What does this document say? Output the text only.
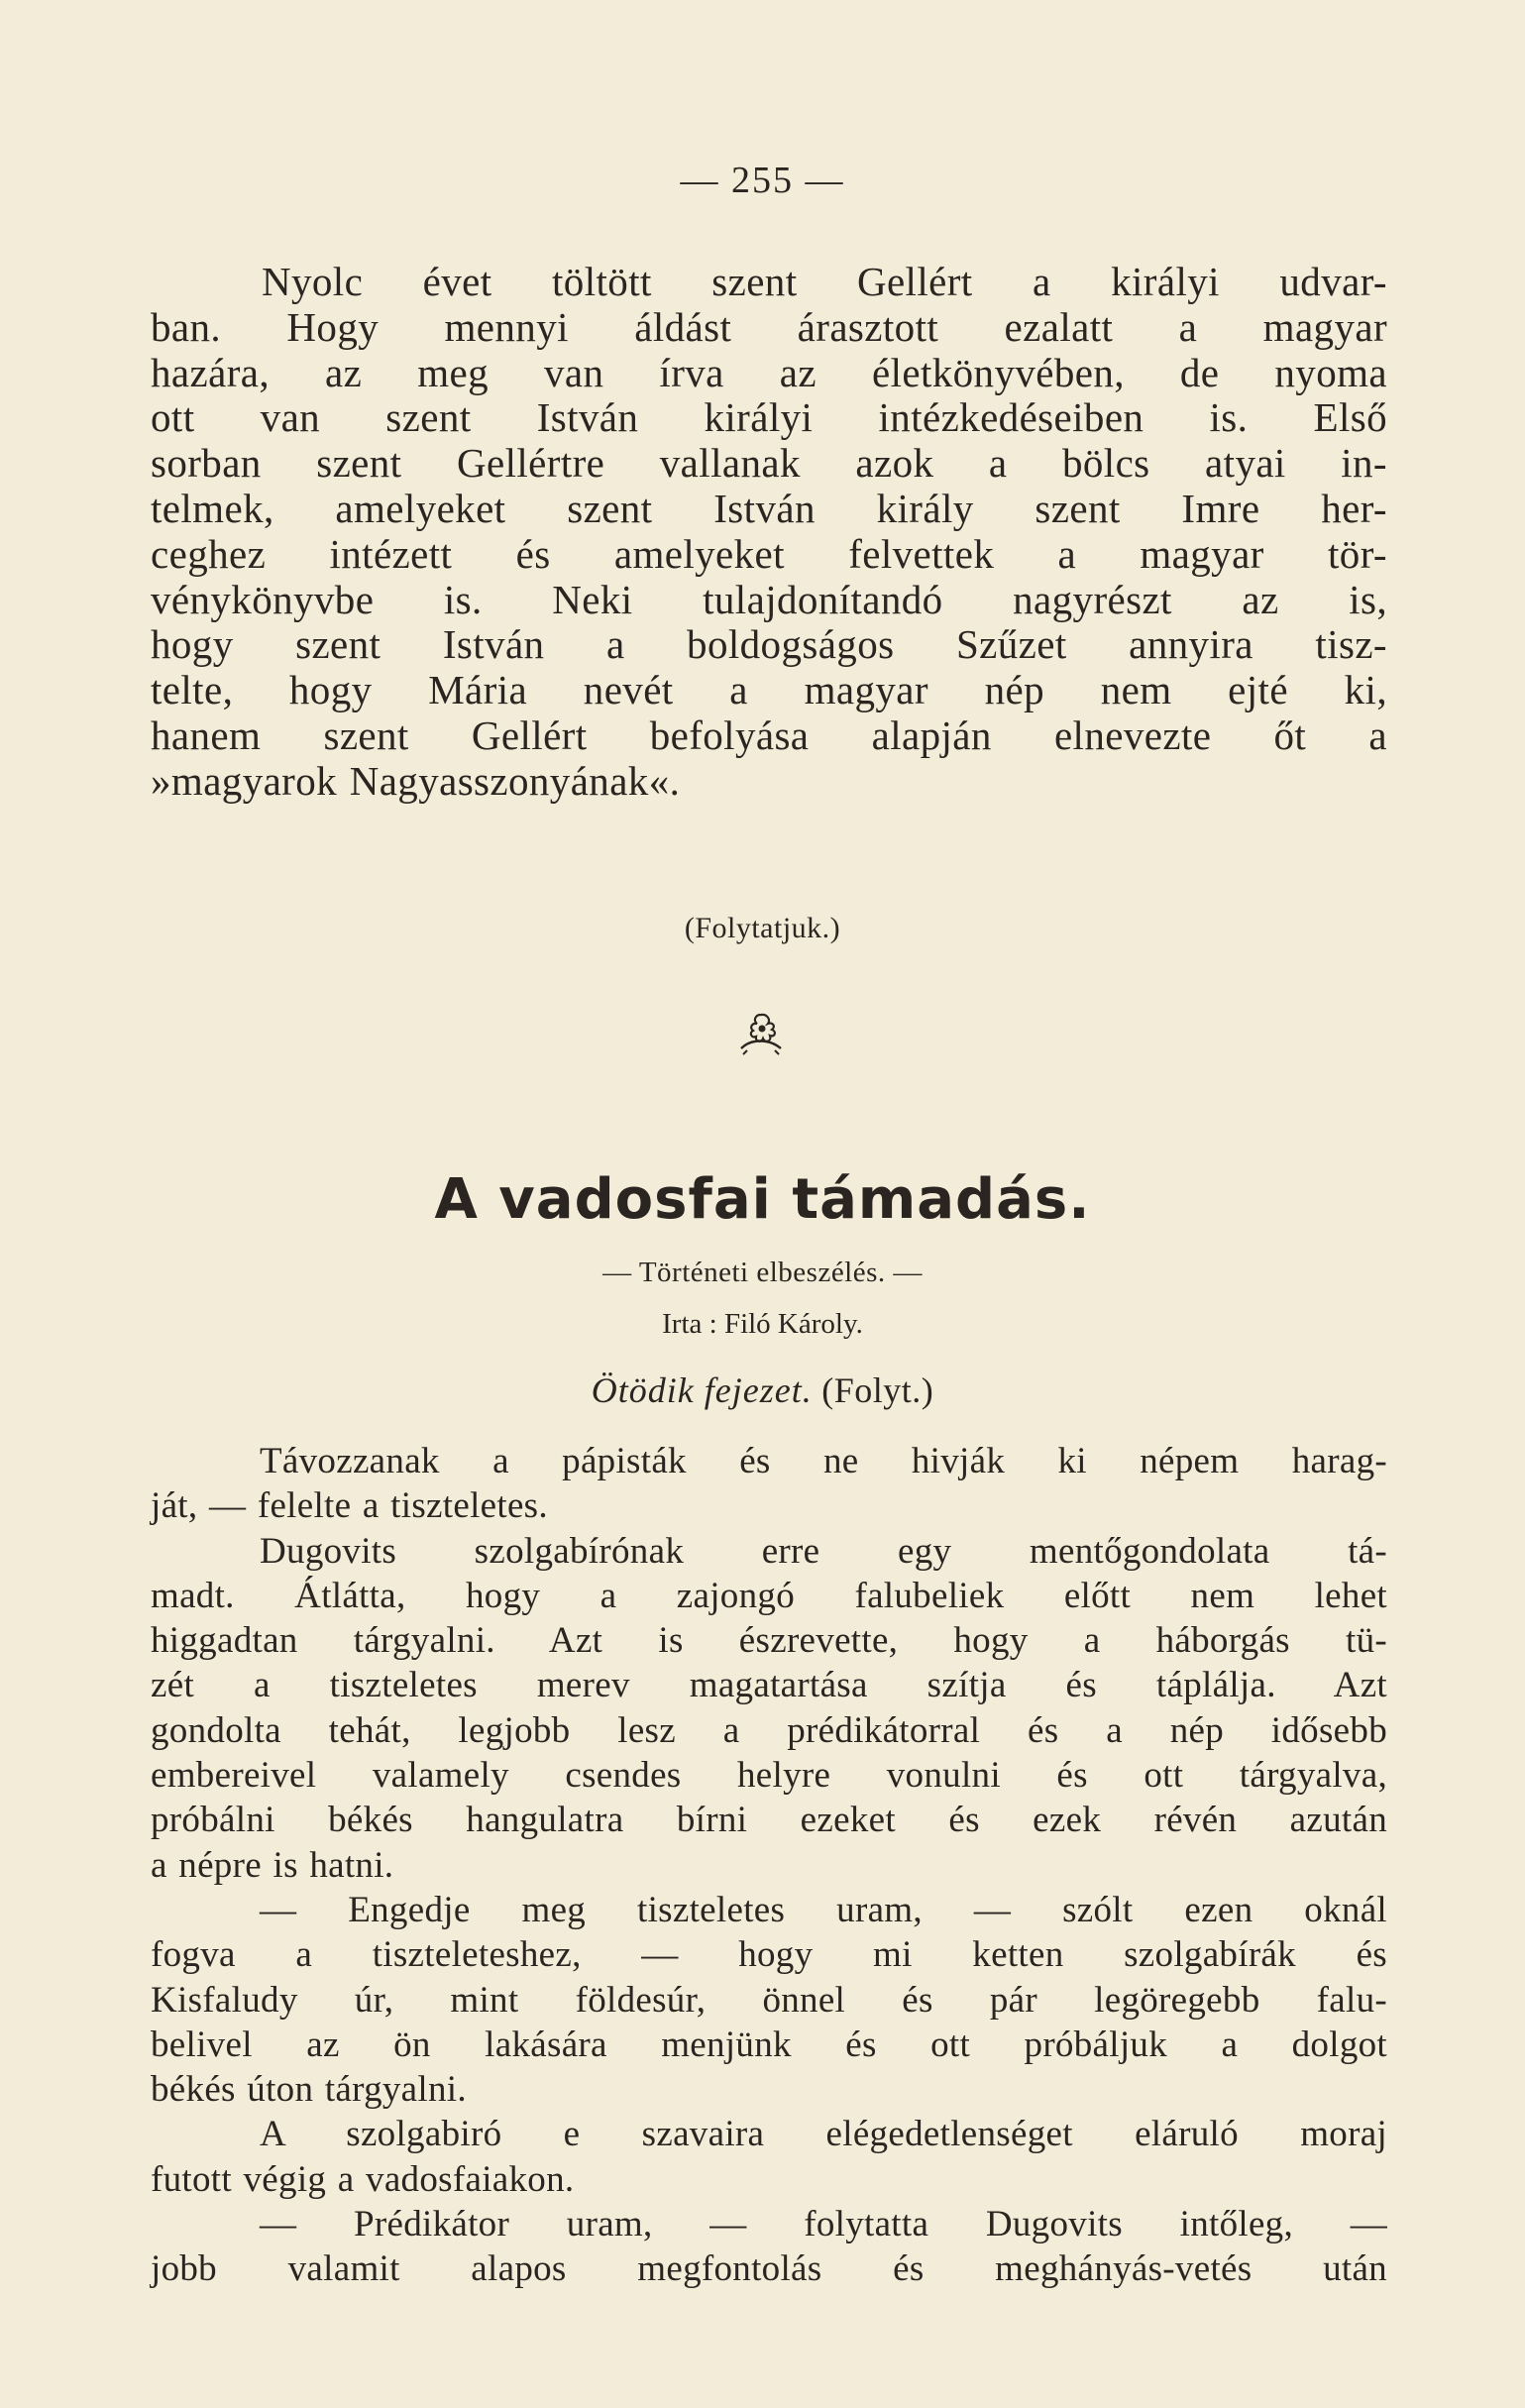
— 255 —
Nyolc évet töltött szent Gellért a királyi udvar-
ban. Hogy mennyi áldást árasztott ezalatt a magyar
hazára, az meg van írva az életkönyvében, de nyoma
ott van szent István királyi intézkedéseiben is. Első
sorban szent Gellértre vallanak azok a bölcs atyai in-
telmek, amelyeket szent István király szent Imre her-
ceghez intézett és amelyeket felvettek a magyar tör-
vénykönyvbe is. Neki tulajdonítandó nagyrészt az is,
hogy szent István a boldogságos Szűzet annyira tisz-
telte, hogy Mária nevét a magyar nép nem ejté ki,
hanem szent Gellért befolyása alapján elnevezte őt a
»magyarok Nagyasszonyának«.
(Folytatjuk.)
A vadosfai támadás.
— Történeti elbeszélés. —
Irta : Filó Károly.
Ötödik fejezet. (Folyt.)
Távozzanak a pápisták és ne hivják ki népem harag-
ját, — felelte a tiszteletes.
Dugovits szolgabírónak erre egy mentőgondolata tá-
madt. Átlátta, hogy a zajongó falubeliek előtt nem lehet
higgadtan tárgyalni. Azt is észrevette, hogy a háborgás tü-
zét a tiszteletes merev magatartása szítja és táplálja. Azt
gondolta tehát, legjobb lesz a prédikátorral és a nép idősebb
embereivel valamely csendes helyre vonulni és ott tárgyalva,
próbálni békés hangulatra bírni ezeket és ezek révén azután
a népre is hatni.
— Engedje meg tiszteletes uram, — szólt ezen oknál
fogva a tiszteleteshez, — hogy mi ketten szolgabírák és
Kisfaludy úr, mint földesúr, önnel és pár legöregebb falu-
belivel az ön lakására menjünk és ott próbáljuk a dolgot
békés úton tárgyalni.
A szolgabiró e szavaira elégedetlenséget eláruló moraj
futott végig a vadosfaiakon.
— Prédikátor uram, — folytatta Dugovits intőleg, —
jobb valamit alapos megfontolás és meghányás-vetés után
